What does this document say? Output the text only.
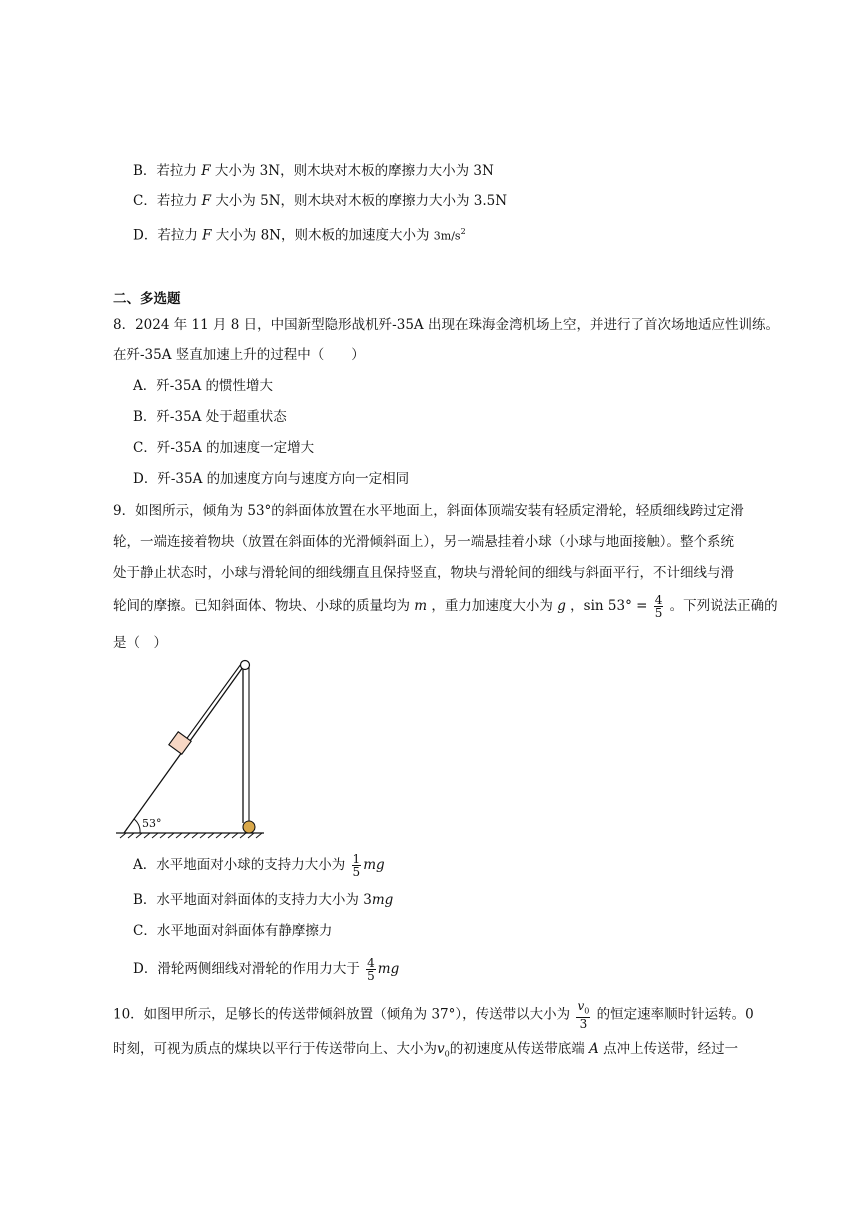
B．若拉力 F 大小为 3N，则木块对木板的摩擦力大小为 3N
C．若拉力 F 大小为 5N，则木块对木板的摩擦力大小为 3.5N
D．若拉力 F 大小为 8N，则木板的加速度大小为 $3m/s^2$
二、多选题
8．2024 年 11 月 8 日，中国新型隐形战机歼-35A 出现在珠海金湾机场上空，并进行了首次场地适应性训练。
在歼-35A 竖直加速上升的过程中（　　）
A．歼-35A 的惯性增大
B．歼-35A 处于超重状态
C．歼-35A 的加速度一定增大
D．歼-35A 的加速度方向与速度方向一定相同
9．如图所示，倾角为 53°的斜面体放置在水平地面上，斜面体顶端安装有轻质定滑轮，轻质细线跨过定滑
轮，一端连接着物块（放置在斜面体的光滑倾斜面上），另一端悬挂着小球（小球与地面接触）。整个系统
处于静止状态时，小球与滑轮间的细线绷直且保持竖直，物块与滑轮间的细线与斜面平行，不计细线与滑
轮间的摩擦。已知斜面体、物块、小球的质量均为 m ，重力加速度大小为 g ，$\sin 53^\circ = \frac{4}{5}$ 。下列说法正确的
是（　）
53°
A．水平地面对小球的支持力大小为 $\frac{1}{5}$ mg
B．水平地面对斜面体的支持力大小为 3mg
C．水平地面对斜面体有静摩擦力
D．滑轮两侧细线对滑轮的作用力大于 $\frac{4}{5}$ mg
10．如图甲所示，足够长的传送带倾斜放置（倾角为 37°），传送带以大小为 $\frac{v_0}{3}$ 的恒定速率顺时针运转。0
时刻，可视为质点的煤块以平行于传送带向上、大小为$v_0$的初速度从传送带底端 A 点冲上传送带，经过一
